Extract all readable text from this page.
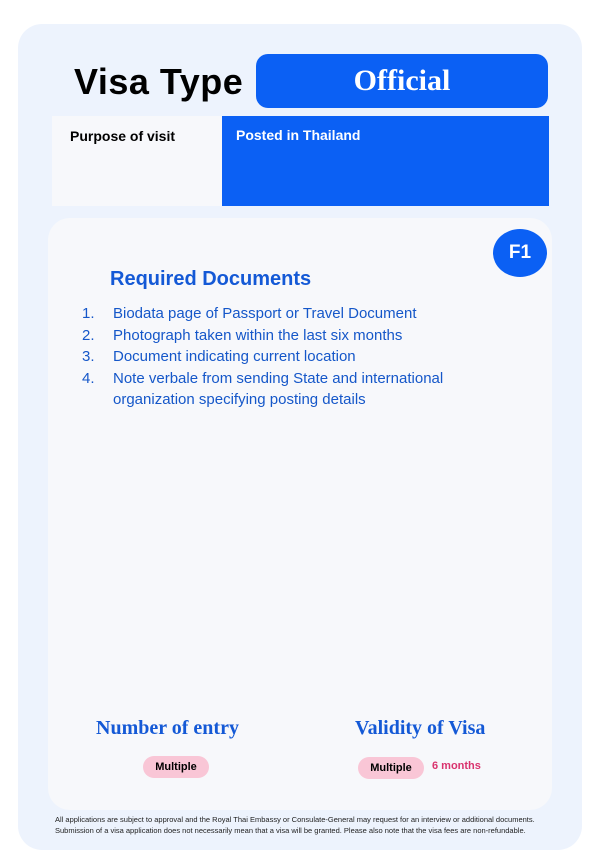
Visa Type	Official
Purpose of visit	Posted in Thailand
F1
Required Documents
1. Biodata page of Passport or Travel Document
2. Photograph taken within the last six months
3. Document indicating current location
4. Note verbale from sending State and international organization specifying posting details
Number of entry
Multiple
Validity of Visa
Multiple	6 months
All applications are subject to approval and the Royal Thai Embassy or Consulate-General may request for an interview or additional documents. Submission of a visa application does not necessarily mean that a visa will be granted. Please also note that the visa fees are non-refundable.
